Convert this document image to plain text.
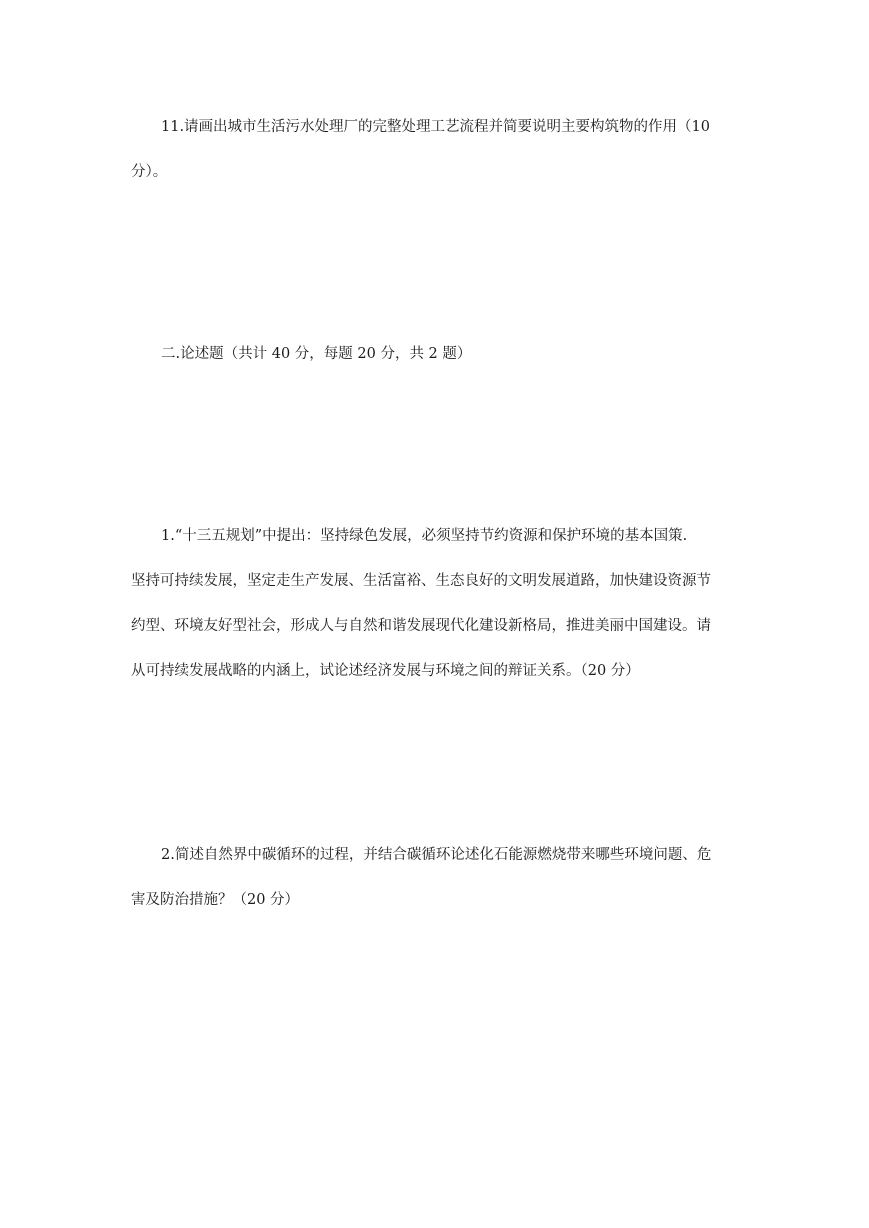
11.请画出城市生活污水处理厂的完整处理工艺流程并简要说明主要构筑物的作用（10
分）。
二.论述题（共计 40 分，每题 20 分，共 2 题）
1.“十三五规划”中提出：坚持绿色发展，必须坚持节约资源和保护环境的基本国策.
坚持可持续发展，坚定走生产发展、生活富裕、生态良好的文明发展道路，加快建设资源节
约型、环境友好型社会，形成人与自然和谐发展现代化建设新格局，推进美丽中国建设。请
从可持续发展战略的内涵上，试论述经济发展与环境之间的辩证关系。（20 分）
2.简述自然界中碳循环的过程，并结合碳循环论述化石能源燃烧带来哪些环境问题、危
害及防治措施？（20 分）
